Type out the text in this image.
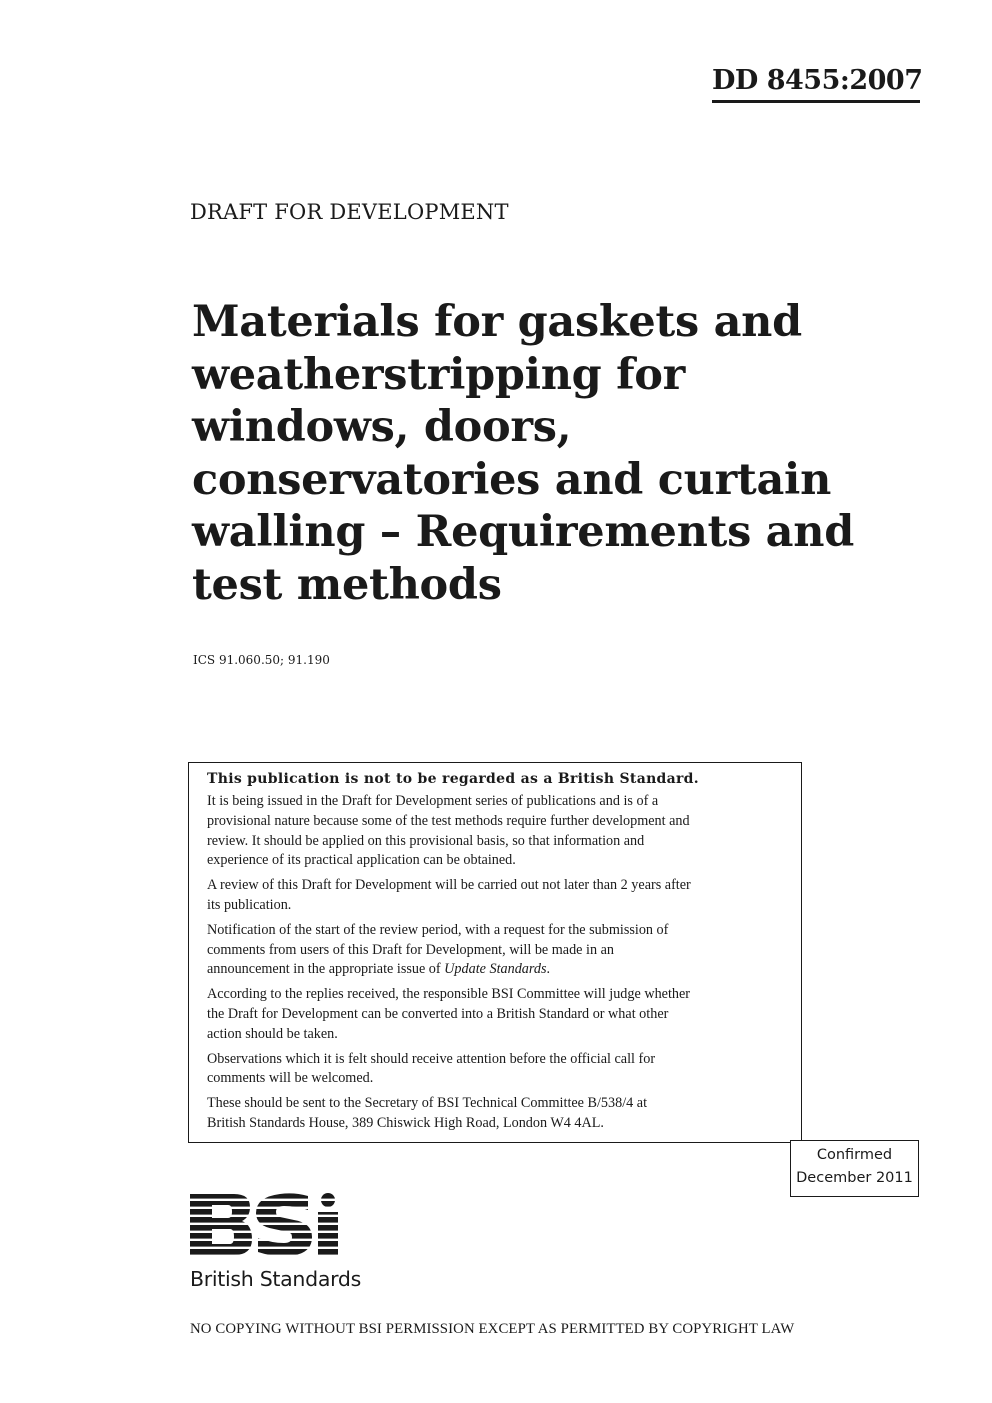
DD 8455:2007
DRAFT FOR DEVELOPMENT
Materials for gaskets and
weatherstripping for
windows, doors,
conservatories and curtain
walling – Requirements and
test methods
ICS 91.060.50; 91.190
This publication is not to be regarded as a British Standard.

It is being issued in the Draft for Development series of publications and is of a
provisional nature because some of the test methods require further development and
review. It should be applied on this provisional basis, so that information and
experience of its practical application can be obtained.

A review of this Draft for Development will be carried out not later than 2 years after
its publication.

Notification of the start of the review period, with a request for the submission of
comments from users of this Draft for Development, will be made in an
announcement in the appropriate issue of Update Standards.

According to the replies received, the responsible BSI Committee will judge whether
the Draft for Development can be converted into a British Standard or what other
action should be taken.

Observations which it is felt should receive attention before the official call for
comments will be welcomed.

These should be sent to the Secretary of BSI Technical Committee B/538/4 at
British Standards House, 389 Chiswick High Road, London W4 4AL.

Confirmed
December 2011
British Standards
NO COPYING WITHOUT BSI PERMISSION EXCEPT AS PERMITTED BY COPYRIGHT LAW
